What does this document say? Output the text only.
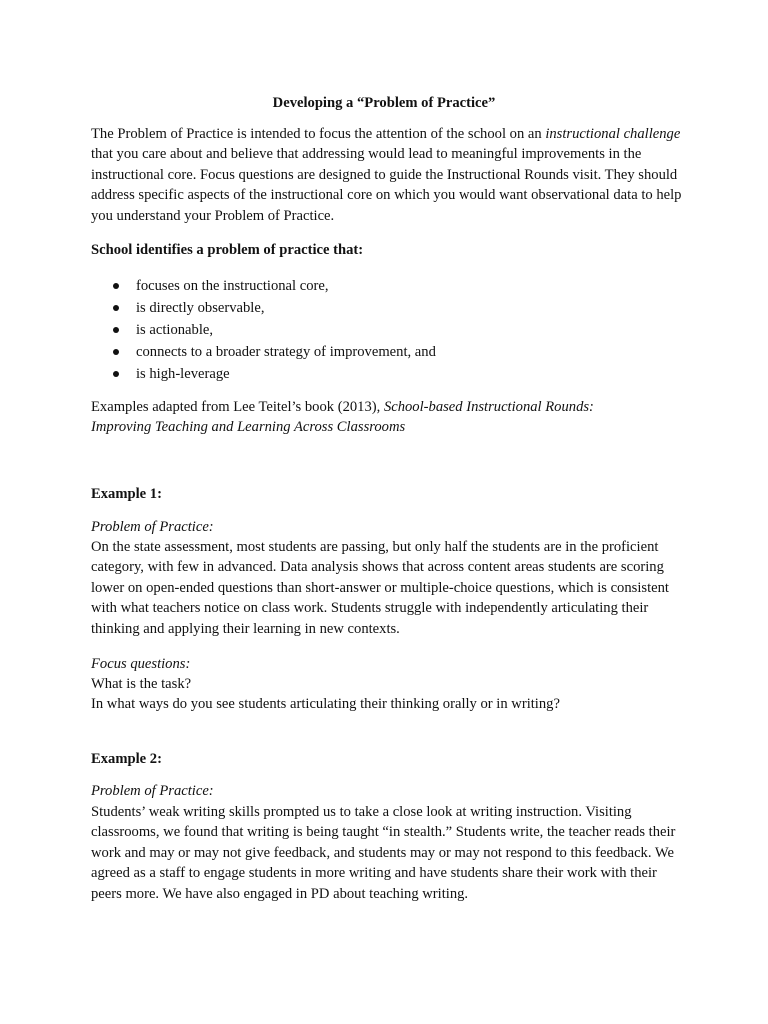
Developing a “Problem of Practice”

The Problem of Practice is intended to focus the attention of the school on an instructional challenge that you care about and believe that addressing would lead to meaningful improvements in the instructional core. Focus questions are designed to guide the Instructional Rounds visit. They should address specific aspects of the instructional core on which you would want observational data to help you understand your Problem of Practice.

School identifies a problem of practice that:

focuses on the instructional core,
is directly observable,
is actionable,
connects to a broader strategy of improvement, and
is high-leverage

Examples adapted from Lee Teitel’s book (2013), School-based Instructional Rounds:
Improving Teaching and Learning Across Classrooms

Example 1:

Problem of Practice:

On the state assessment, most students are passing, but only half the students are in the proficient category, with few in advanced. Data analysis shows that across content areas students are scoring lower on open-ended questions than short-answer or multiple-choice questions, which is consistent with what teachers notice on class work. Students struggle with independently articulating their thinking and applying their learning in new contexts.

Focus questions:

What is the task?

In what ways do you see students articulating their thinking orally or in writing?

Example 2:

Problem of Practice:

Students’ weak writing skills prompted us to take a close look at writing instruction. Visiting classrooms, we found that writing is being taught “in stealth.” Students write, the teacher reads their work and may or may not give feedback, and students may or may not respond to this feedback. We agreed as a staff to engage students in more writing and have students share their work with their peers more. We have also engaged in PD about teaching writing.
